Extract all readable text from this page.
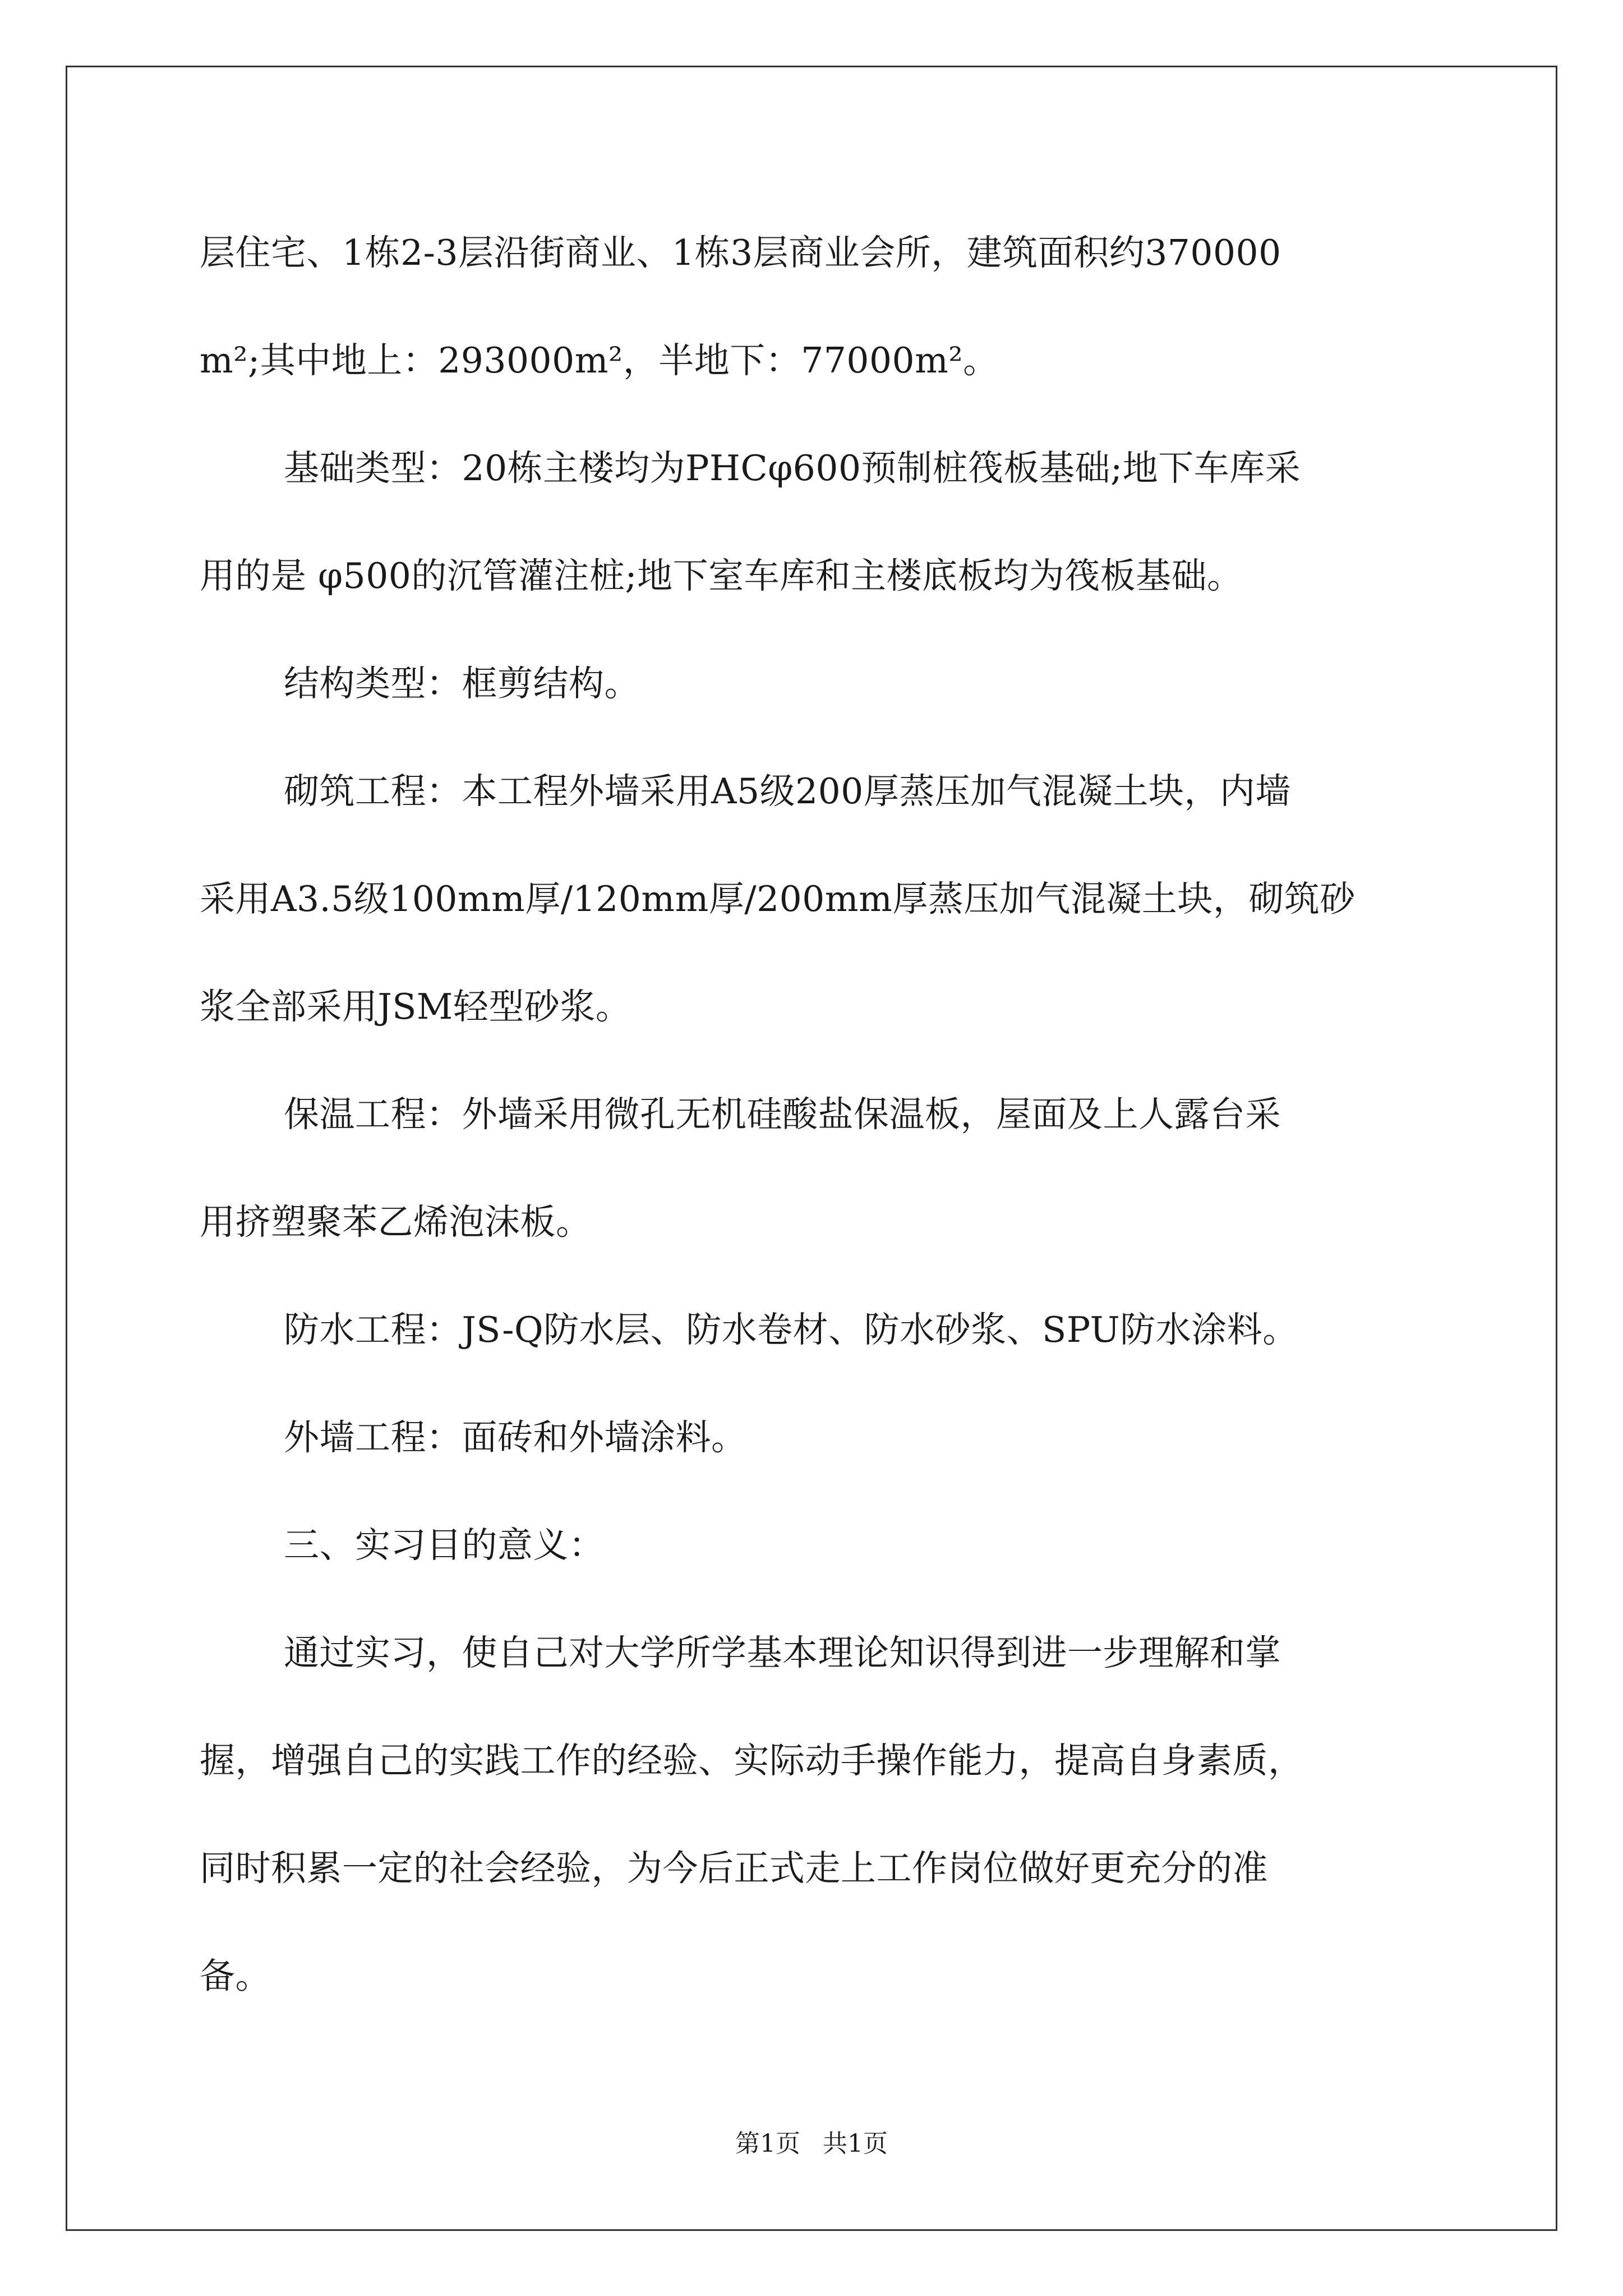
层住宅、1栋2-3层沿街商业、1栋3层商业会所，建筑面积约370000
m²;其中地上：293000m²，半地下：77000m²。
基础类型：20栋主楼均为PHCφ600预制桩筏板基础;地下车库采
用的是 φ500的沉管灌注桩;地下室车库和主楼底板均为筏板基础。
结构类型：框剪结构。
砌筑工程：本工程外墙采用A5级200厚蒸压加气混凝土块，内墙
采用A3.5级100mm厚/120mm厚/200mm厚蒸压加气混凝土块，砌筑砂
浆全部采用JSM轻型砂浆。
保温工程：外墙采用微孔无机硅酸盐保温板，屋面及上人露台采
用挤塑聚苯乙烯泡沫板。
防水工程：JS-Q防水层、防水卷材、防水砂浆、SPU防水涂料。
外墙工程：面砖和外墙涂料。
三、实习目的意义：
通过实习，使自己对大学所学基本理论知识得到进一步理解和掌
握，增强自己的实践工作的经验、实际动手操作能力，提高自身素质，
同时积累一定的社会经验，为今后正式走上工作岗位做好更充分的准
备。
第1页 共1页
